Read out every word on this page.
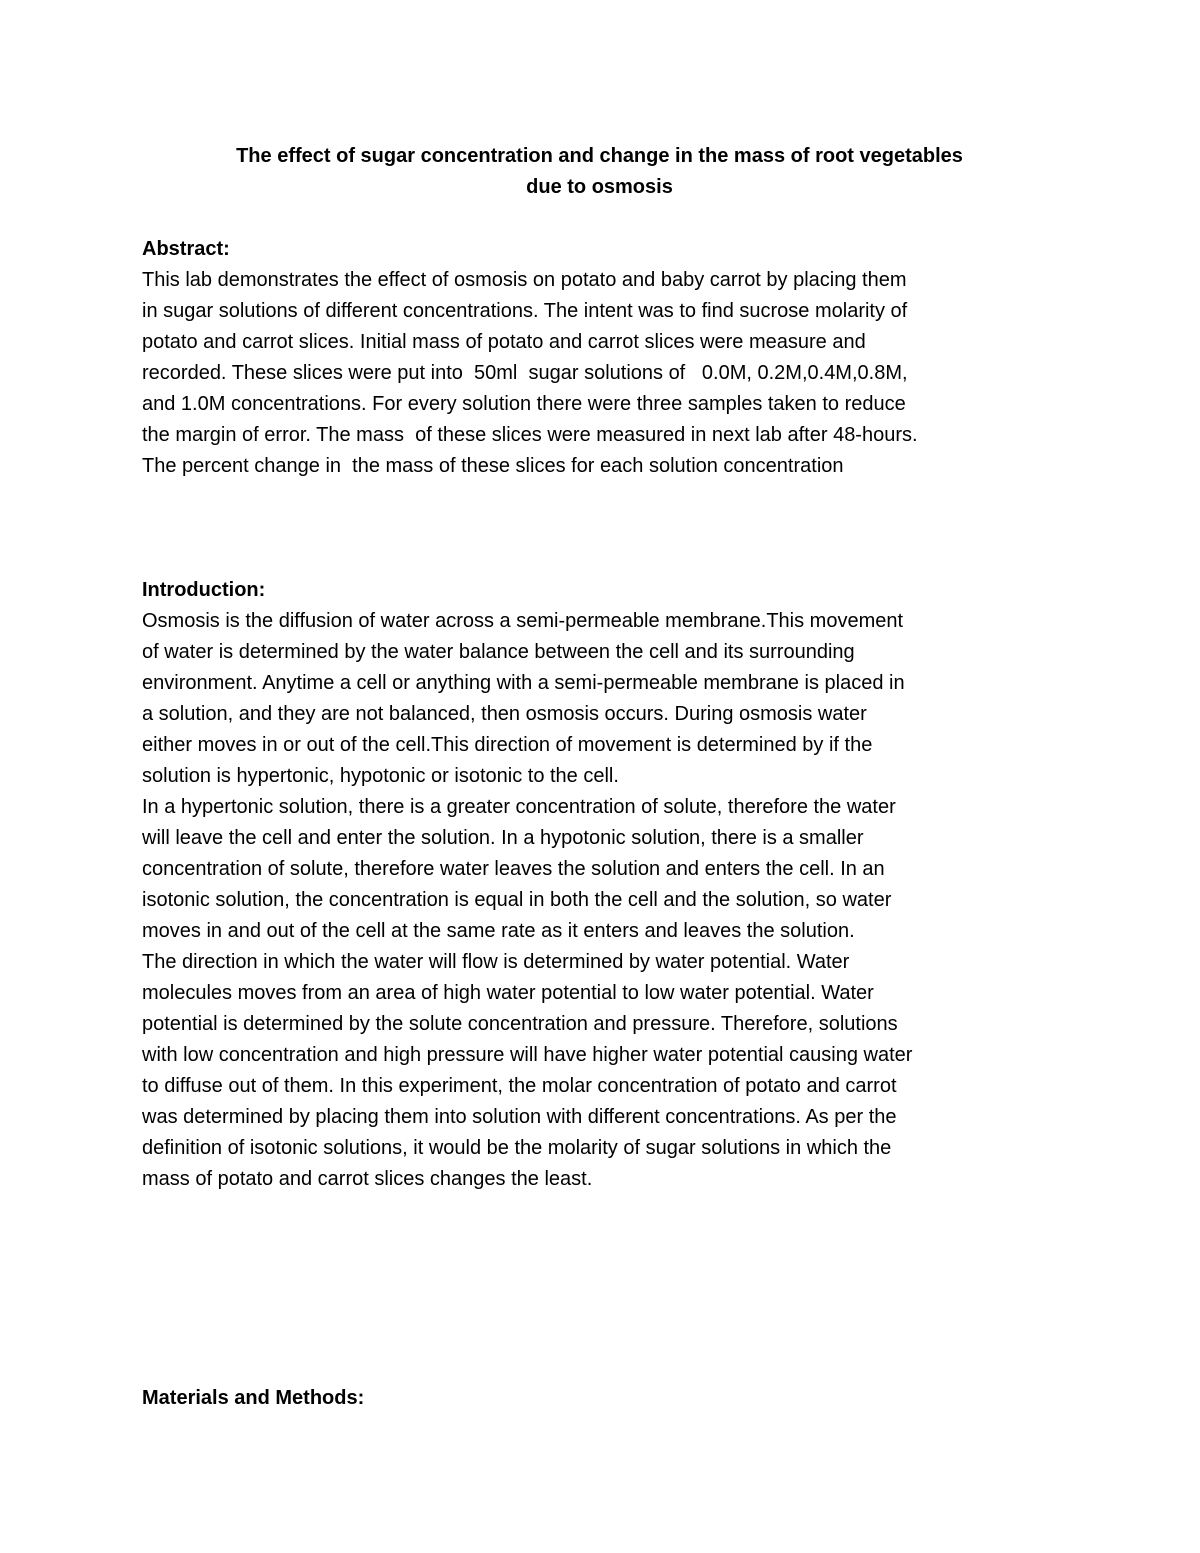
The effect of sugar concentration and change in the mass of root vegetables

due to osmosis

Abstract:

This lab demonstrates the effect of osmosis on potato and baby carrot by placing them

in sugar solutions of different concentrations. The intent was to find sucrose molarity of

potato and carrot slices. Initial mass of potato and carrot slices were measure and

recorded. These slices were put into  50ml  sugar solutions of   0.0M, 0.2M,0.4M,0.8M,

and 1.0M concentrations. For every solution there were three samples taken to reduce

the margin of error. The mass  of these slices were measured in next lab after 48-hours.

The percent change in  the mass of these slices for each solution concentration

Introduction:

Osmosis is the diffusion of water across a semi-permeable membrane.This movement

of water is determined by the water balance between the cell and its surrounding

environment. Anytime a cell or anything with a semi-permeable membrane is placed in

a solution, and they are not balanced, then osmosis occurs. During osmosis water

either moves in or out of the cell.This direction of movement is determined by if the

solution is hypertonic, hypotonic or isotonic to the cell.

In a hypertonic solution, there is a greater concentration of solute, therefore the water

will leave the cell and enter the solution. In a hypotonic solution, there is a smaller

concentration of solute, therefore water leaves the solution and enters the cell. In an

isotonic solution, the concentration is equal in both the cell and the solution, so water

moves in and out of the cell at the same rate as it enters and leaves the solution.

The direction in which the water will flow is determined by water potential. Water

molecules moves from an area of high water potential to low water potential. Water

potential is determined by the solute concentration and pressure. Therefore, solutions

with low concentration and high pressure will have higher water potential causing water

to diffuse out of them. In this experiment, the molar concentration of potato and carrot

was determined by placing them into solution with different concentrations. As per the

definition of isotonic solutions, it would be the molarity of sugar solutions in which the

mass of potato and carrot slices changes the least.

Materials and Methods:
